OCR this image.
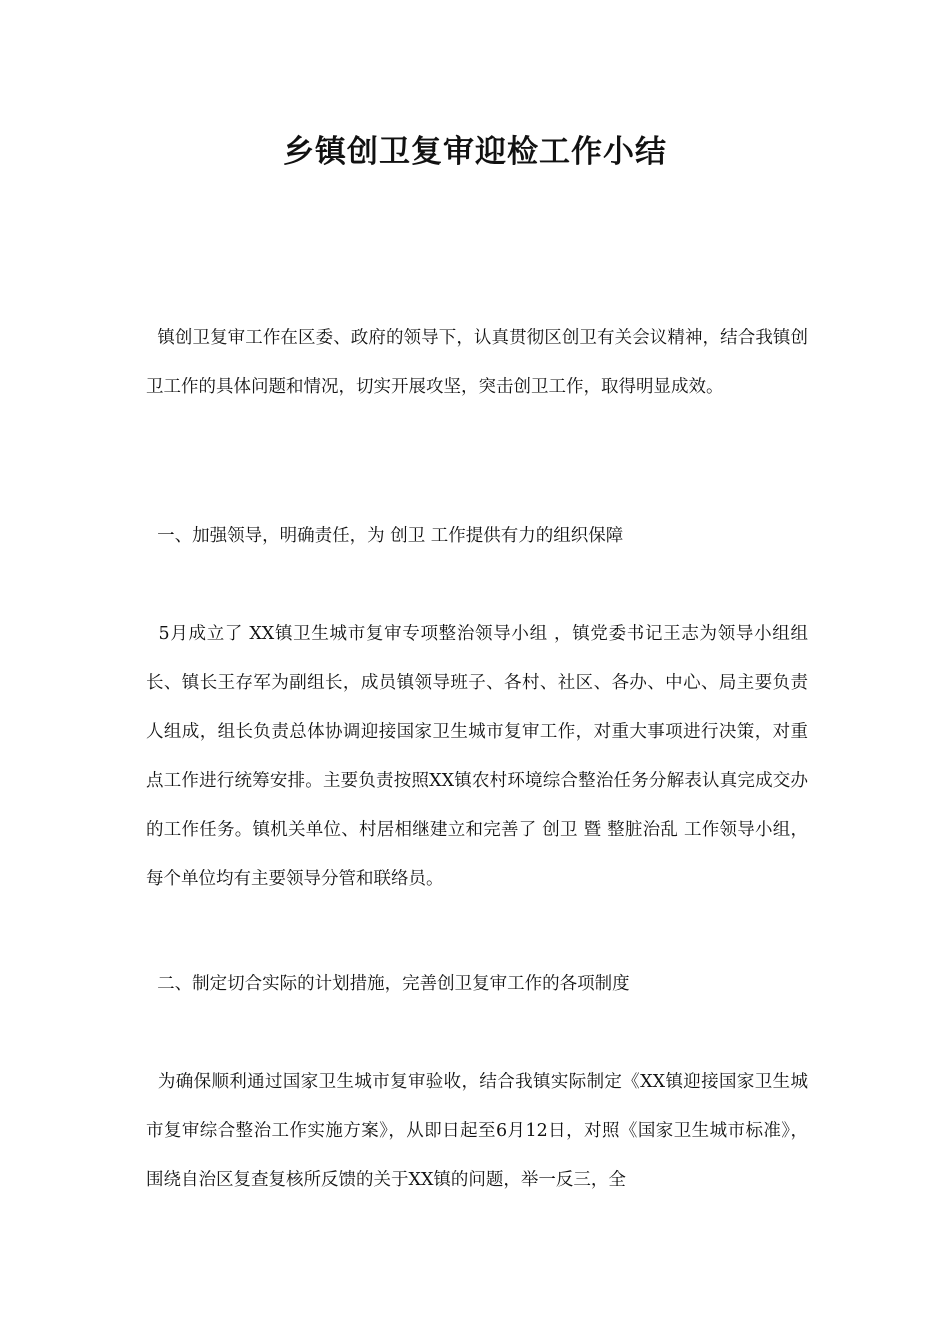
乡镇创卫复审迎检工作小结

镇创卫复审工作在区委、政府的领导下，认真贯彻区创卫有关会议精神，结合我镇创卫工作的具体问题和情况，切实开展攻坚，突击创卫工作，取得明显成效。

一、加强领导，明确责任，为 创卫 工作提供有力的组织保障

5月成立了 XX镇卫生城市复审专项整治领导小组 ，镇党委书记王志为领导小组组长、镇长王存军为副组长，成员镇领导班子、各村、社区、各办、中心、局主要负责人组成，组长负责总体协调迎接国家卫生城市复审工作，对重大事项进行决策，对重点工作进行统筹安排。主要负责按照XX镇农村环境综合整治任务分解表认真完成交办的工作任务。镇机关单位、村居相继建立和完善了 创卫 暨 整脏治乱 工作领导小组，每个单位均有主要领导分管和联络员。

二、制定切合实际的计划措施，完善创卫复审工作的各项制度

为确保顺利通过国家卫生城市复审验收，结合我镇实际制定《XX镇迎接国家卫生城市复审综合整治工作实施方案》，从即日起至6月12日，对照《国家卫生城市标准》，围绕自治区复查复核所反馈的关于XX镇的问题，举一反三，全
